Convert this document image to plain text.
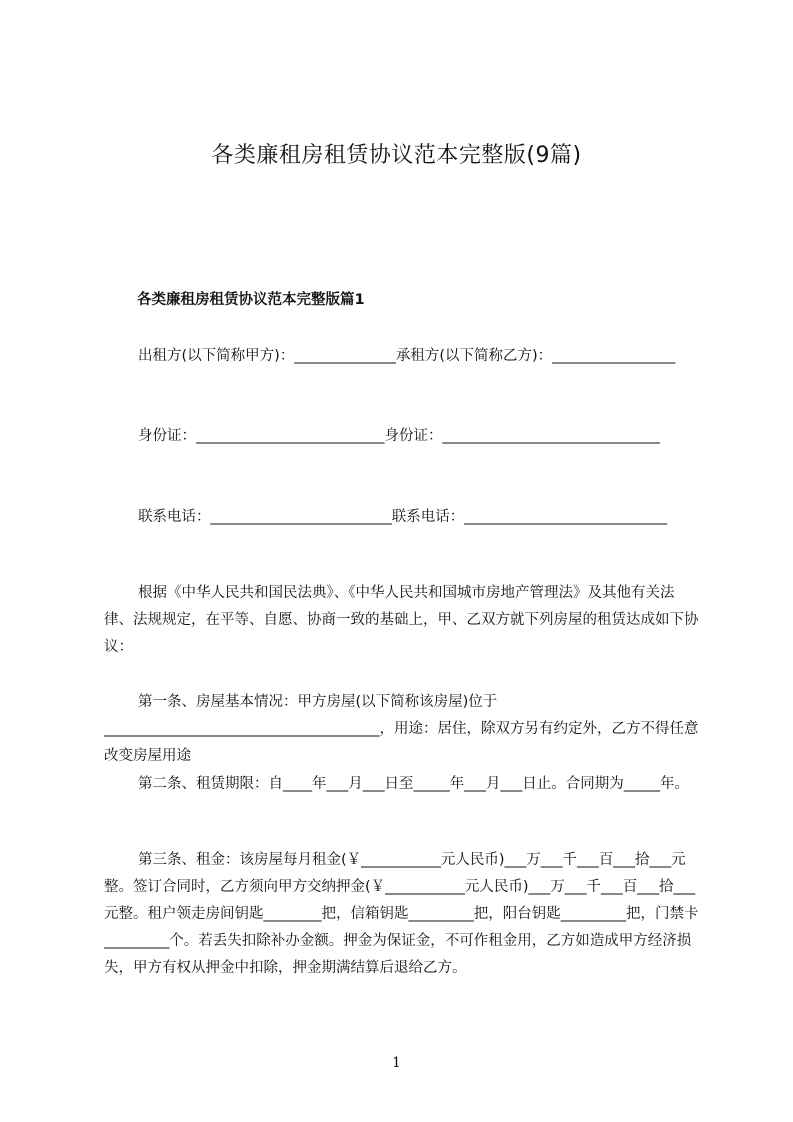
各类廉租房租赁协议范本完整版(9篇)
各类廉租房租赁协议范本完整版篇1

出租方(以下简称甲方)：______________承租方(以下简称乙方)：_________________

身份证：__________________________身份证：______________________________

联系电话：_________________________联系电话：____________________________

根据《中华人民共和国民法典》、《中华人民共和国城市房地产管理法》及其他有关法律、法规规定，在平等、自愿、协商一致的基础上，甲、乙双方就下列房屋的租赁达成如下协议：

第一条、房屋基本情况：甲方房屋(以下简称该房屋)位于______________________________________，用途：居住，除双方另有约定外，乙方不得任意改变房屋用途

第二条、租赁期限：自____年___月___日至_____年___月___日止。合同期为_____年。

第三条、租金：该房屋每月租金(￥___________元人民币)___万___千___百___拾___元整。签订合同时，乙方须向甲方交纳押金(￥___________元人民币)___万___千___百___拾___元整。租户领走房间钥匙________把，信箱钥匙_________把，阳台钥匙_________把，门禁卡_________个。若丢失扣除补办金额。押金为保证金，不可作租金用，乙方如造成甲方经济损失，甲方有权从押金中扣除，押金期满结算后退给乙方。

1
